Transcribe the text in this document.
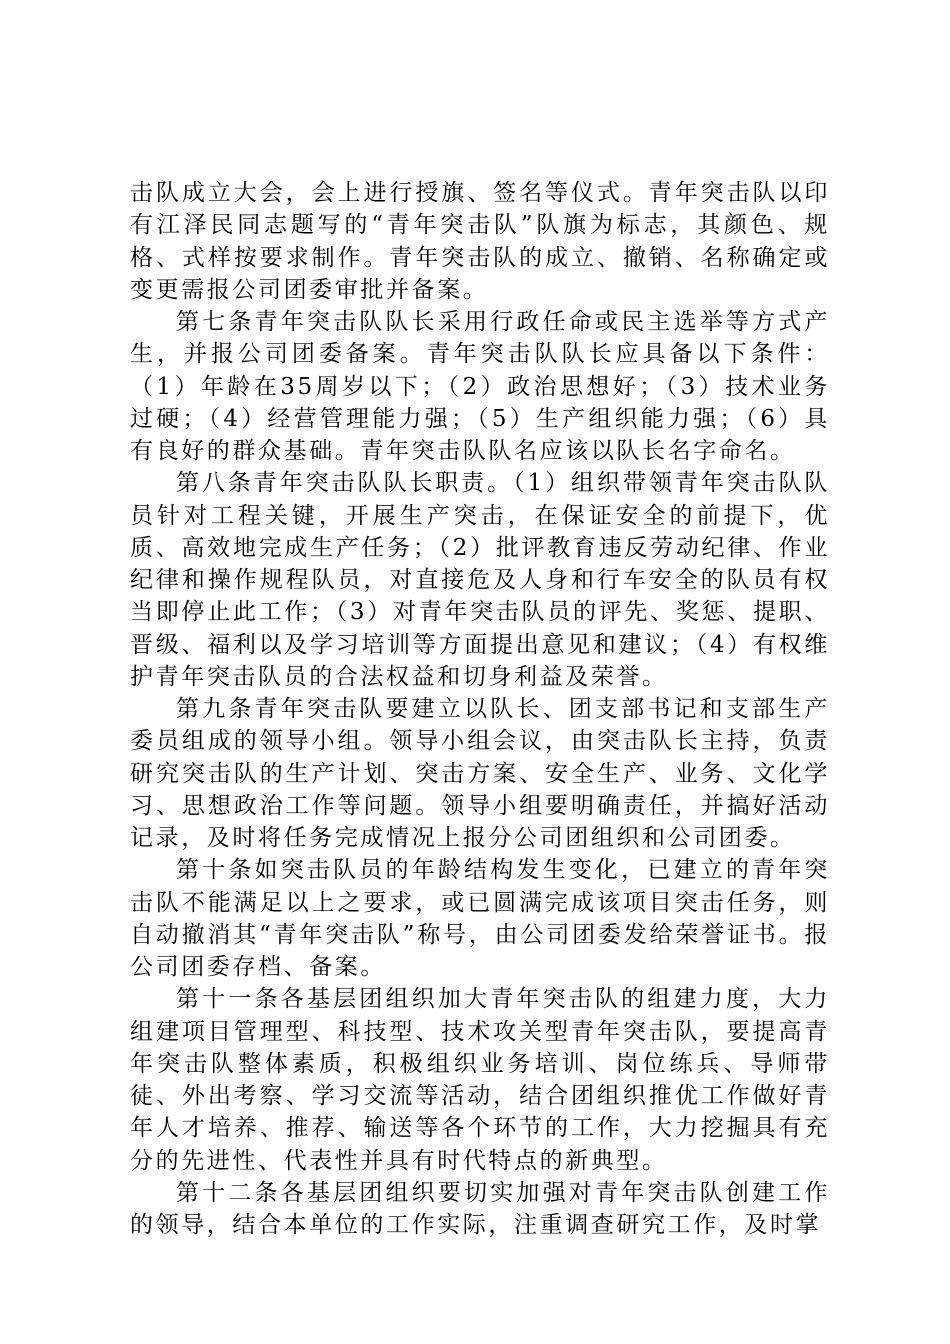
击队成立大会，会上进行授旗、签名等仪式。青年突击队以印有江泽民同志题写的“青年突击队”队旗为标志，其颜色、规格、式样按要求制作。青年突击队的成立、撤销、名称确定或变更需报公司团委审批并备案。

第七条青年突击队队长采用行政任命或民主选举等方式产生，并报公司团委备案。青年突击队队长应具备以下条件：（1）年龄在35周岁以下；（2）政治思想好；（3）技术业务过硬；（4）经营管理能力强；（5）生产组织能力强；（6）具有良好的群众基础。青年突击队队名应该以队长名字命名。

第八条青年突击队队长职责。（1）组织带领青年突击队队员针对工程关键，开展生产突击，在保证安全的前提下，优质、高效地完成生产任务；（2）批评教育违反劳动纪律、作业纪律和操作规程队员，对直接危及人身和行车安全的队员有权当即停止此工作；（3）对青年突击队员的评先、奖惩、提职、晋级、福利以及学习培训等方面提出意见和建议；（4）有权维护青年突击队员的合法权益和切身利益及荣誉。

第九条青年突击队要建立以队长、团支部书记和支部生产委员组成的领导小组。领导小组会议，由突击队长主持，负责研究突击队的生产计划、突击方案、安全生产、业务、文化学习、思想政治工作等问题。领导小组要明确责任，并搞好活动记录，及时将任务完成情况上报分公司团组织和公司团委。

第十条如突击队员的年龄结构发生变化，已建立的青年突击队不能满足以上之要求，或已圆满完成该项目突击任务，则自动撤消其“青年突击队”称号，由公司团委发给荣誉证书。报公司团委存档、备案。

第十一条各基层团组织加大青年突击队的组建力度，大力组建项目管理型、科技型、技术攻关型青年突击队，要提高青年突击队整体素质，积极组织业务培训、岗位练兵、导师带徒、外出考察、学习交流等活动，结合团组织推优工作做好青年人才培养、推荐、输送等各个环节的工作，大力挖掘具有充分的先进性、代表性并具有时代特点的新典型。

第十二条各基层团组织要切实加强对青年突击队创建工作的领导，结合本单位的工作实际，注重调查研究工作，及时掌
